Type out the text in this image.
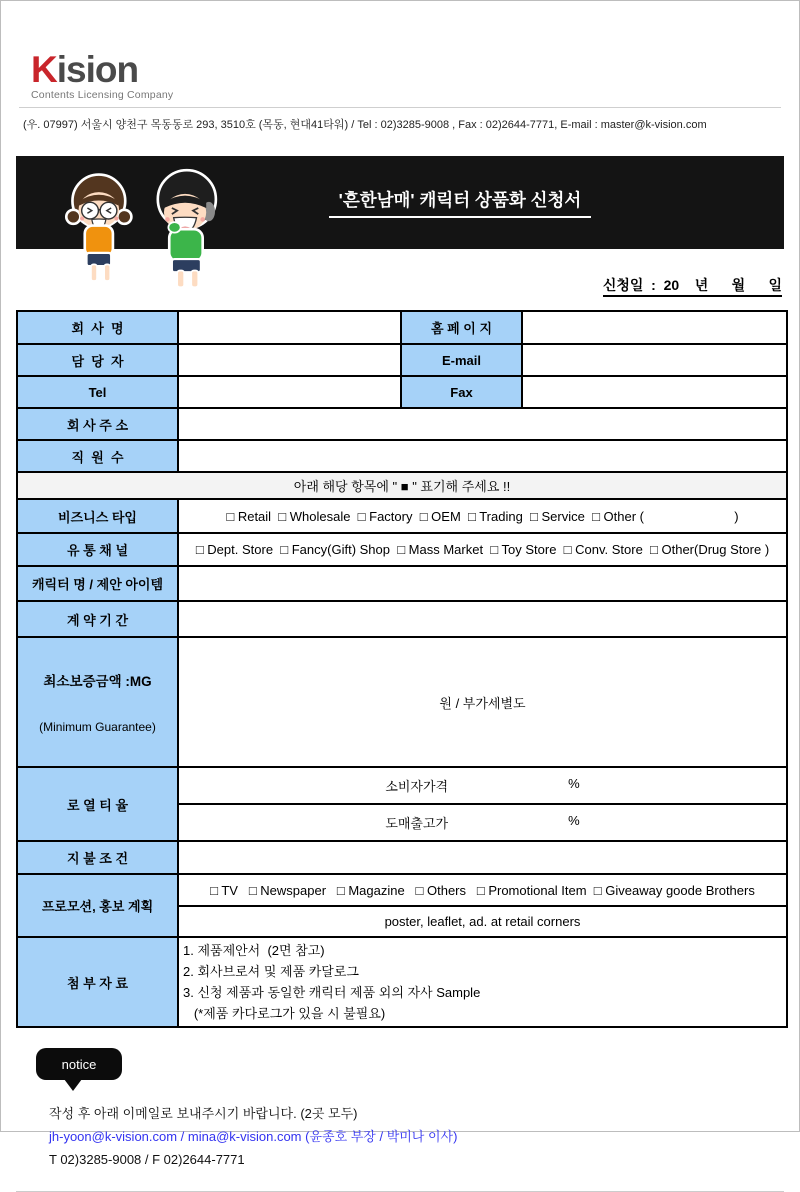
Kision
Contents Licensing Company
(우. 07997) 서울시 양천구 목동동로 293, 3510호 (목동, 현대41타워) / Tel : 02)3285-9008 , Fax : 02)2644-7771, E-mail : master@k-vision.com
'흔한남매' 캐릭터 상품화 신청서
신청일  :  20    년      월      일
회  사  명		홈 페 이 지	
담  당  자		E-mail	
Tel		Fax	
회 사 주 소			
직  원  수			
아래 해당 항목에 " ■ " 표기해 주세요 !!			
비즈니스 타입	□ Retail  □ Wholesale  □ Factory  □ OEM  □ Trading  □ Service  □ Other (                         )		
유 통 채 널	□ Dept. Store  □ Fancy(Gift) Shop  □ Mass Market  □ Toy Store  □ Conv. Store  □ Other(Drug Store )		
캐릭터 명 / 제안 아이템			
계 약 기 간			

최소보증금액 :MG

(Minimum Guarantee)	원 / 부가세별도		
로 열 티 율	소비자가격 %		

	도매출고가 %		

지 불 조 건			
프로모션, 홍보 계획	□ TV   □ Newspaper   □ Magazine   □ Others   □ Promotional Item  □ Giveaway goode Brothers		
	poster, leaflet, ad. at retail corners		
첨 부 자 료	1. 제품제안서  (2면 참고)
2. 회사브로셔 및 제품 카달로그
3. 신청 제품과 동일한 캐릭터 제품 외의 자사 Sample
(*제품 카다로그가 있을 시 불필요)		
notice
작성 후 아래 이메일로 보내주시기 바랍니다. (2곳 모두)
jh-yoon@k-vision.com / mina@k-vision.com (윤종호 부장 / 박미나 이사)
T 02)3285-9008 / F 02)2644-7771
